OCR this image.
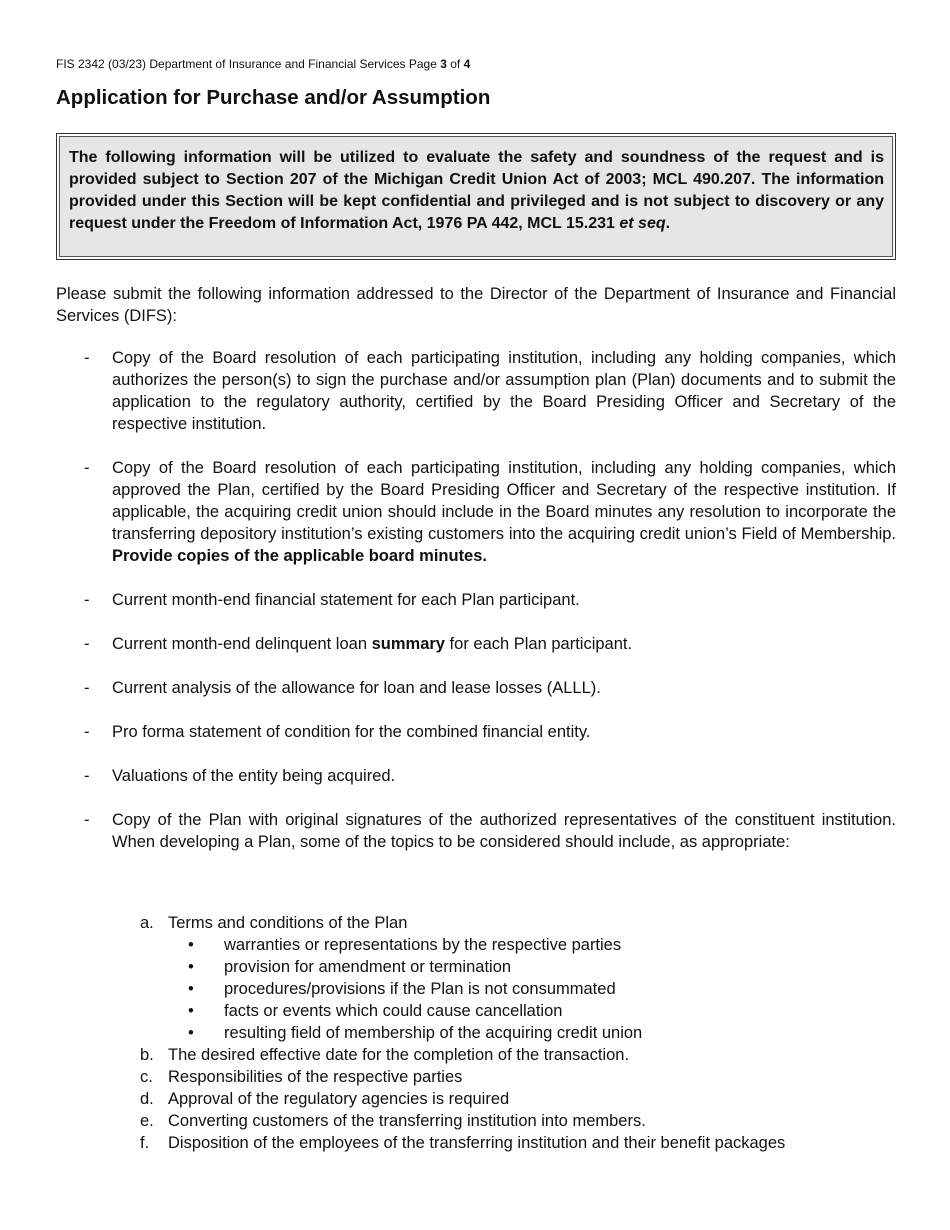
FIS 2342 (03/23) Department of Insurance and Financial Services Page 3 of 4
Application for Purchase and/or Assumption
The following information will be utilized to evaluate the safety and soundness of the request and is provided subject to Section 207 of the Michigan Credit Union Act of 2003; MCL 490.207. The information provided under this Section will be kept confidential and privileged and is not subject to discovery or any request under the Freedom of Information Act, 1976 PA 442, MCL 15.231 et seq.
Please submit the following information addressed to the Director of the Department of Insurance and Financial Services (DIFS):
- Copy of the Board resolution of each participating institution, including any holding companies, which authorizes the person(s) to sign the purchase and/or assumption plan (Plan) documents and to submit the application to the regulatory authority, certified by the Board Presiding Officer and Secretary of the respective institution.
- Copy of the Board resolution of each participating institution, including any holding companies, which approved the Plan, certified by the Board Presiding Officer and Secretary of the respective institution. If applicable, the acquiring credit union should include in the Board minutes any resolution to incorporate the transferring depository institution’s existing customers into the acquiring credit union’s Field of Membership. Provide copies of the applicable board minutes.
- Current month-end financial statement for each Plan participant.
- Current month-end delinquent loan summary for each Plan participant.
- Current analysis of the allowance for loan and lease losses (ALLL).
- Pro forma statement of condition for the combined financial entity.
- Valuations of the entity being acquired.
- Copy of the Plan with original signatures of the authorized representatives of the constituent institution. When developing a Plan, some of the topics to be considered should include, as appropriate:
a. Terms and conditions of the Plan
• warranties or representations by the respective parties
• provision for amendment or termination
• procedures/provisions if the Plan is not consummated
• facts or events which could cause cancellation
• resulting field of membership of the acquiring credit union
b. The desired effective date for the completion of the transaction.
c. Responsibilities of the respective parties
d. Approval of the regulatory agencies is required
e. Converting customers of the transferring institution into members.
f. Disposition of the employees of the transferring institution and their benefit packages
